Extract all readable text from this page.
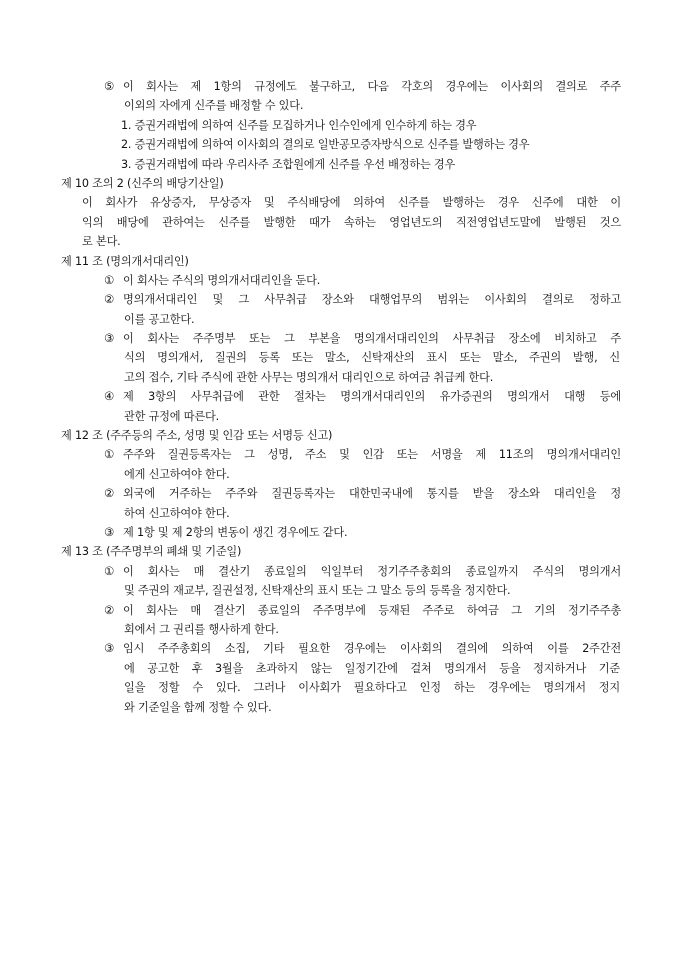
⑤ 이 회사는 제 1항의 규정에도 불구하고, 다음 각호의 경우에는 이사회의 결의로 주주
이외의 자에게 신주를 배정할 수 있다.
1. 증권거래법에 의하여 신주를 모집하거나 인수인에게 인수하게 하는 경우
2. 증권거래법에 의하여 이사회의 결의로 일반공모증자방식으로 신주를 발행하는 경우
3. 증권거래법에 따라 우리사주 조합원에게 신주를 우선 배정하는 경우
제 10 조의 2 (신주의 배당기산일)
이 회사가 유상증자, 무상증자 및 주식배당에 의하여 신주를 발행하는 경우 신주에 대한 이
익의 배당에 관하여는 신주를 발행한 때가 속하는 영업년도의 직전영업년도말에 발행된 것으
로 본다.
제 11 조 (명의개서대리인)
① 이 회사는 주식의 명의개서대리인을 둔다.
② 명의개서대리인 및 그 사무취급 장소와 대행업무의 범위는 이사회의 결의로 정하고
이를 공고한다.
③ 이 회사는 주주명부 또는 그 부본을 명의개서대리인의 사무취급 장소에 비치하고 주
식의 명의개서, 질권의 등록 또는 말소, 신탁재산의 표시 또는 말소, 주권의 발행, 신
고의 접수, 기타 주식에 관한 사무는 명의개서 대리인으로 하여금 취급케 한다.
④ 제 3항의 사무취급에 관한 절차는 명의개서대리인의 유가증권의 명의개서 대행 등에
관한 규정에 따른다.
제 12 조 (주주등의 주소, 성명 및 인감 또는 서명등 신고)
① 주주와 질권등록자는 그 성명, 주소 및 인감 또는 서명을 제 11조의 명의개서대리인
에게 신고하여야 한다.
② 외국에 거주하는 주주와 질권등록자는 대한민국내에 통지를 받을 장소와 대리인을 정
하여 신고하여야 한다.
③ 제 1항 및 제 2항의 변동이 생긴 경우에도 같다.
제 13 조 (주주명부의 폐쇄 및 기준일)
① 이 회사는 매 결산기 종료일의 익일부터 정기주주총회의 종료일까지 주식의 명의개서
및 주권의 재교부, 질권설정, 신탁재산의 표시 또는 그 말소 등의 등록을 정지한다.
② 이 회사는 매 결산기 종료일의 주주명부에 등재된 주주로 하여금 그 기의 정기주주총
회에서 그 권리를 행사하게 한다.
③ 임시 주주총회의 소집, 기타 필요한 경우에는 이사회의 결의에 의하여 이를 2주간전
에 공고한 후 3월을 초과하지 않는 일정기간에 걸쳐 명의개서 등을 정지하거나 기준
일을 정할 수 있다. 그러나 이사회가 필요하다고 인정 하는 경우에는 명의개서 정지
와 기준일을 함께 정할 수 있다.
